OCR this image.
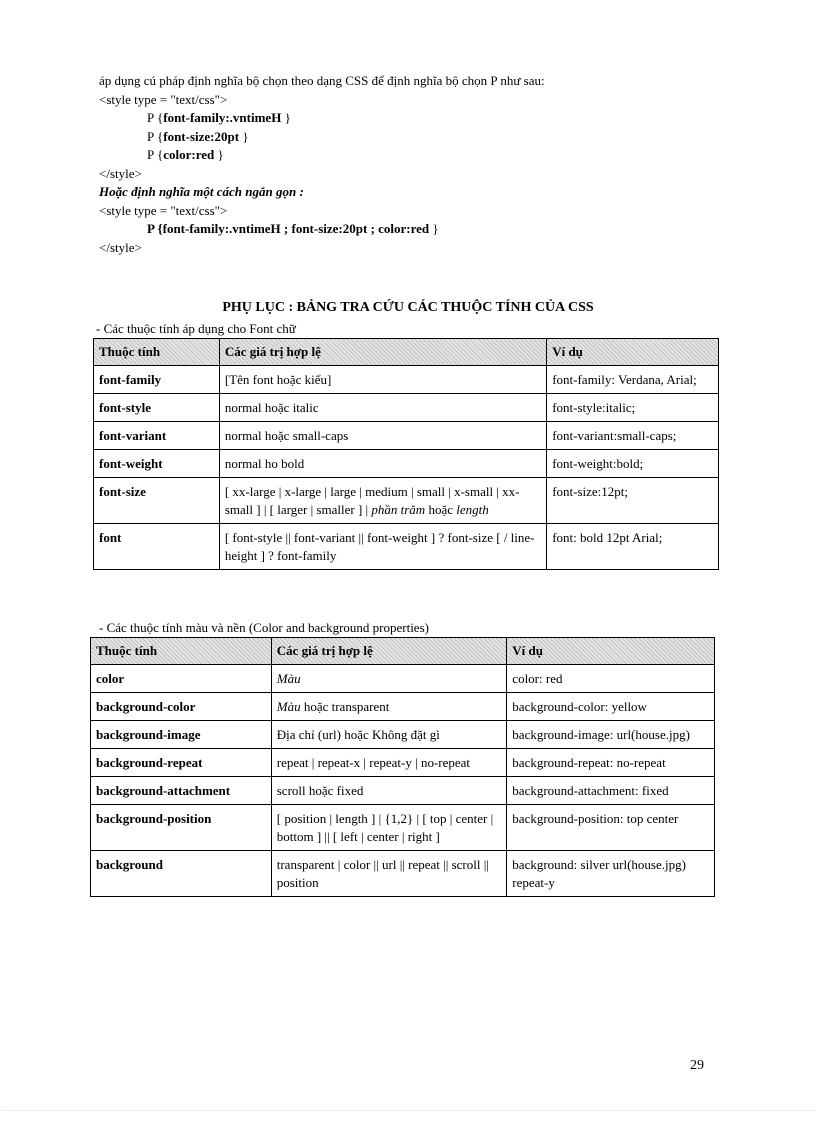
áp dụng cú pháp định nghĩa bộ chọn theo dạng CSS để định nghĩa bộ chọn P như sau:

<style type = "text/css">

P {font-family:.vntimeH }

P {font-size:20pt }

P {color:red }

</style>

Hoặc định nghĩa một cách ngắn gọn :

<style type = "text/css">

P {font-family:.vntimeH ; font-size:20pt ; color:red }

</style>

PHỤ LỤC : BẢNG TRA CỨU CÁC THUỘC TÍNH CỦA CSS
- Các thuộc tính áp dụng cho Font chữ
Thuộc tính	Các giá trị hợp lệ	Ví dụ
font-family	[Tên font hoặc kiểu]	font-family: Verdana, Arial;
font-style	normal hoặc italic	font-style:italic;
font-variant	normal hoặc small-caps	font-variant:small-caps;
font-weight	normal ho bold	font-weight:bold;
font-size	[ xx-large | x-large | large | medium | small | x-small | xx-small ] | [ larger | smaller ] | phần trăm hoặc length	font-size:12pt;
font	[ font-style || font-variant || font-weight ] ? font-size [ / line-height ] ? font-family	font: bold 12pt Arial;
- Các thuộc tính màu và nền (Color and background properties)
Thuộc tính	Các giá trị hợp lệ	Ví dụ
color	Màu	color: red
background-color	Màu hoặc transparent	background-color: yellow
background-image	Địa chỉ (url) hoặc Không đặt gì	background-image: url(house.jpg)
background-repeat	repeat | repeat-x | repeat-y | no-repeat	background-repeat: no-repeat
background-attachment	scroll hoặc fixed	background-attachment: fixed
background-position	[ position | length ] | {1,2} | [ top | center | bottom ] || [ left | center | right ]	background-position: top center
background	transparent | color || url || repeat || scroll || position	background: silver url(house.jpg) repeat-y
29
